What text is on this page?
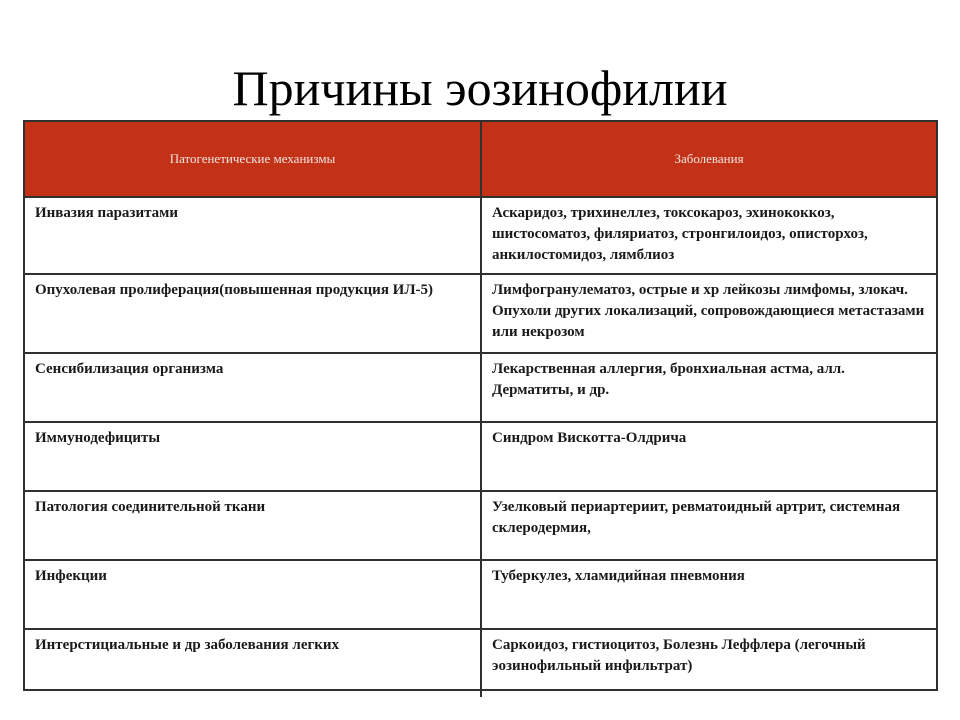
Причины эозинофилии
Патогенетические механизмы	Заболевания
Инвазия паразитами	Аскаридоз, трихинеллез, токсокароз, эхинококкоз, шистосоматоз, филяриатоз, стронгилоидоз, описторхоз, анкилостомидоз, лямблиоз
Опухолевая пролиферация(повышенная продукция ИЛ-5)	Лимфогранулематоз, острые и хр лейкозы лимфомы, злокач. Опухоли других локализаций, сопровождающиеся метастазами или некрозом
Сенсибилизация организма	Лекарственная аллергия, бронхиальная астма, алл. Дерматиты, и др.
Иммунодефициты	Синдром Вискотта-Олдрича
Патология соединительной ткани	Узелковый периартериит, ревматоидный артрит, системная склеродермия,
Инфекции	Туберкулез, хламидийная пневмония
Интерстициальные и др заболевания легких	Саркоидоз, гистиоцитоз, Болезнь Леффлера (легочный эозинофильный инфильтрат)
